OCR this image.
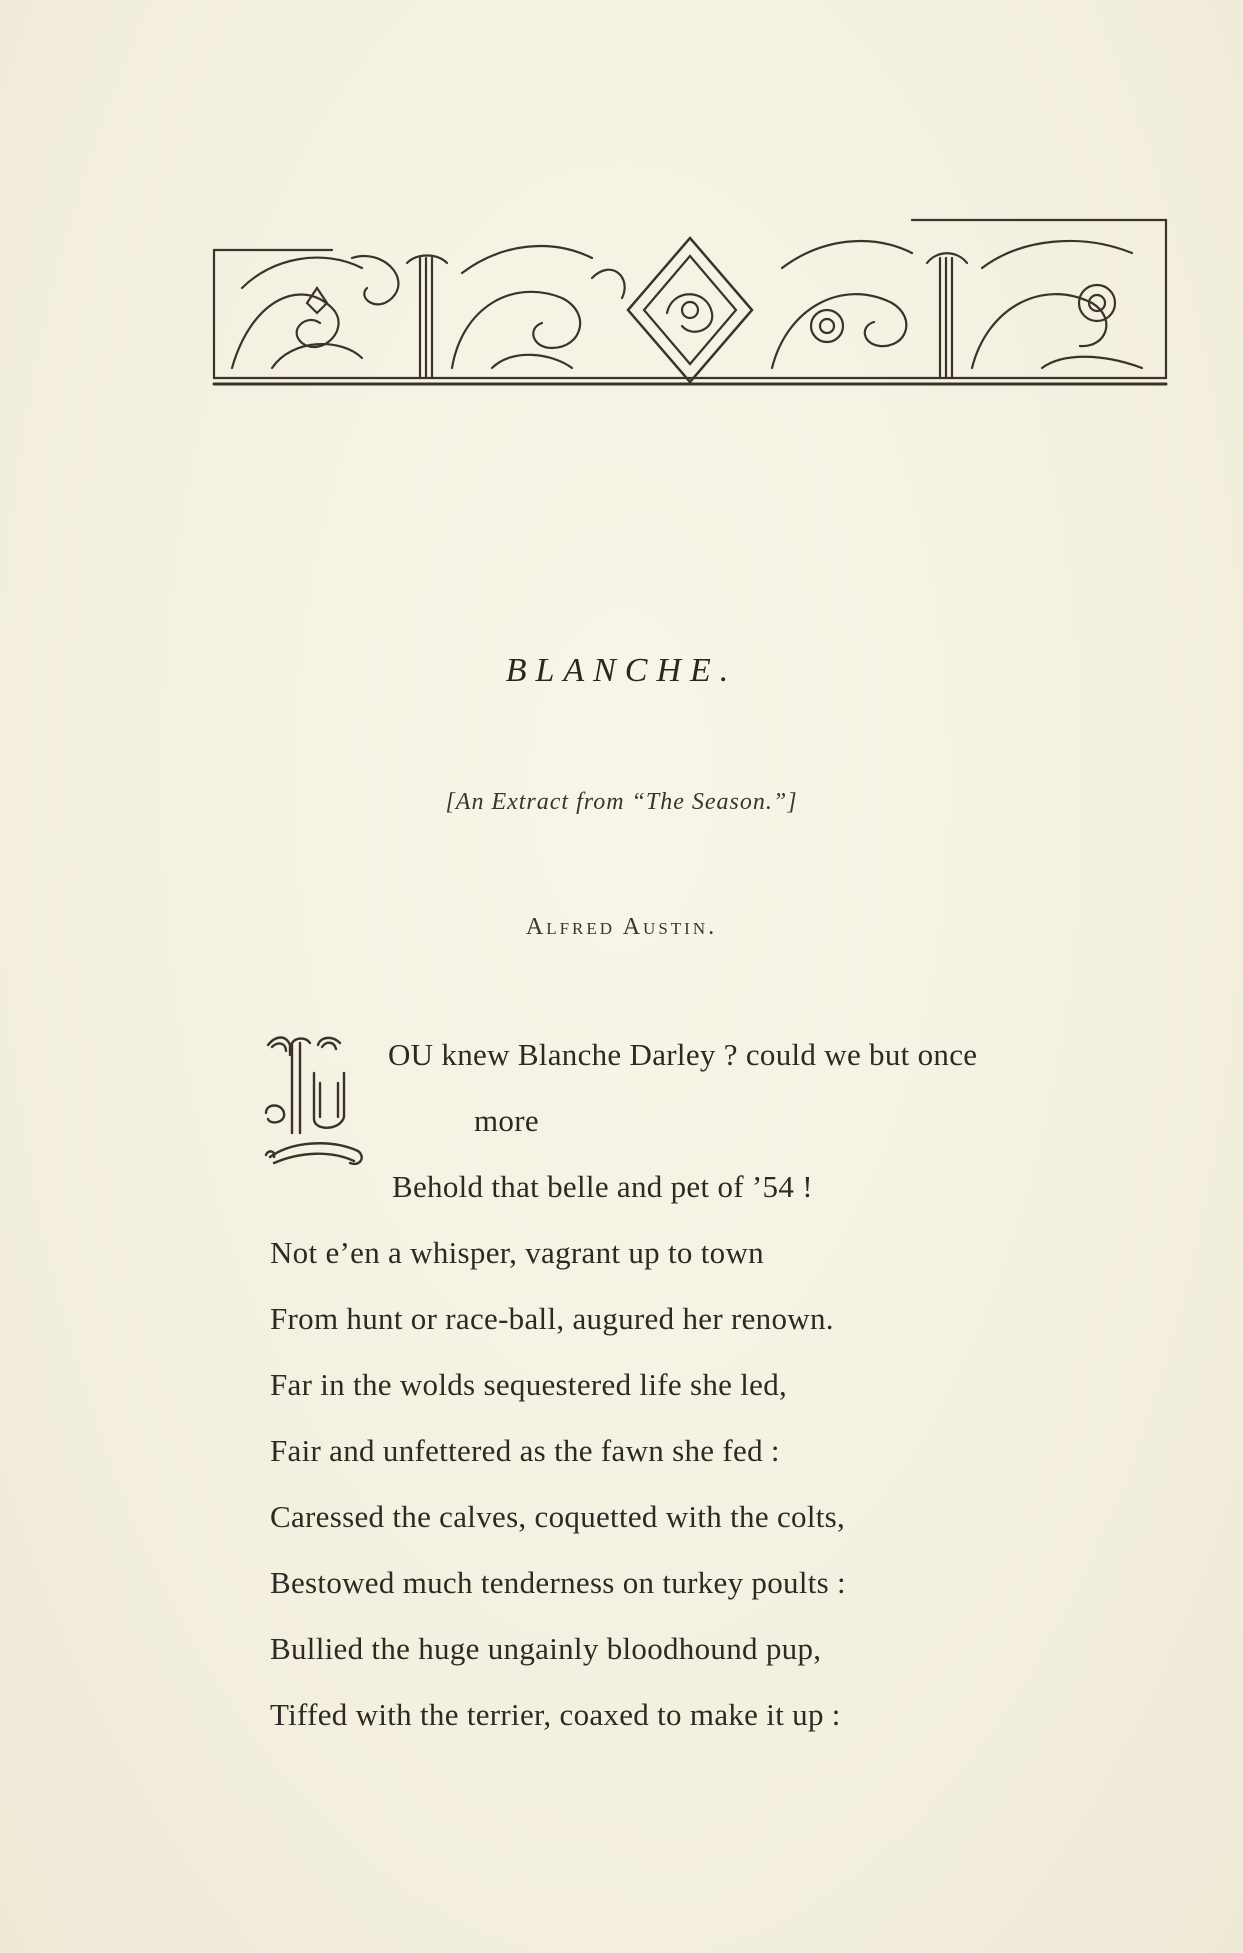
BLANCHE.
[An Extract from “The Season.”]
Alfred Austin.
OU knew Blanche Darley ? could we but once
more
Behold that belle and pet of ’54 !
Not e’en a whisper, vagrant up to town
From hunt or race-ball, augured her renown.
Far in the wolds sequestered life she led,
Fair and unfettered as the fawn she fed :
Caressed the calves, coquetted with the colts,
Bestowed much tenderness on turkey poults :
Bullied the huge ungainly bloodhound pup,
Tiffed with the terrier, coaxed to make it up :
